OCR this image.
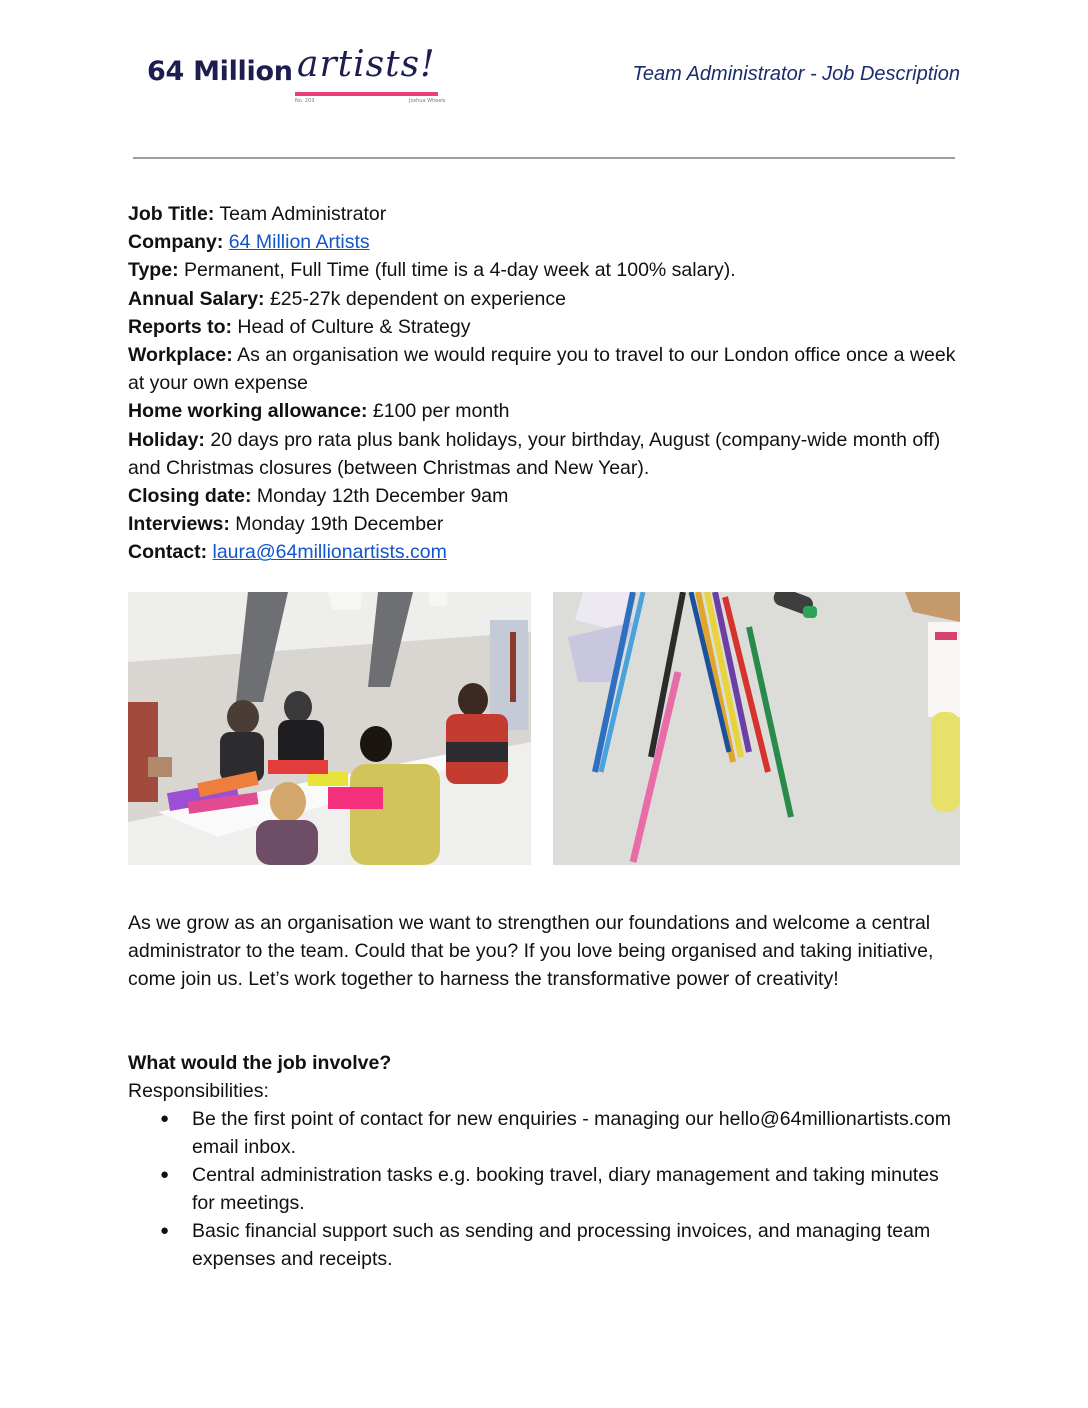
64 Million artists!
No. 203	Joshua Wheels
Team Administrator - Job Description
Job Title: Team Administrator
Company: 64 Million Artists
Type: Permanent, Full Time (full time is a 4-day week at 100% salary).
Annual Salary: £25-27k dependent on experience
Reports to: Head of Culture & Strategy
Workplace: As an organisation we would require you to travel to our London office once a week at your own expense
Home working allowance: £100 per month
Holiday: 20 days pro rata plus bank holidays, your birthday, August (company-wide month off) and Christmas closures (between Christmas and New Year).
Closing date: Monday 12th December 9am
Interviews: Monday 19th December
Contact: laura@64millionartists.com

As we grow as an organisation we want to strengthen our foundations and welcome a central administrator to the team. Could that be you? If you love being organised and taking initiative, come join us. Let’s work together to harness the transformative power of creativity!

What would the job involve?
Responsibilities:
● Be the first point of contact for new enquiries - managing our hello@64millionartists.com email inbox.
● Central administration tasks e.g. booking travel, diary management and taking minutes for meetings.
● Basic financial support such as sending and processing invoices, and managing team expenses and receipts.
